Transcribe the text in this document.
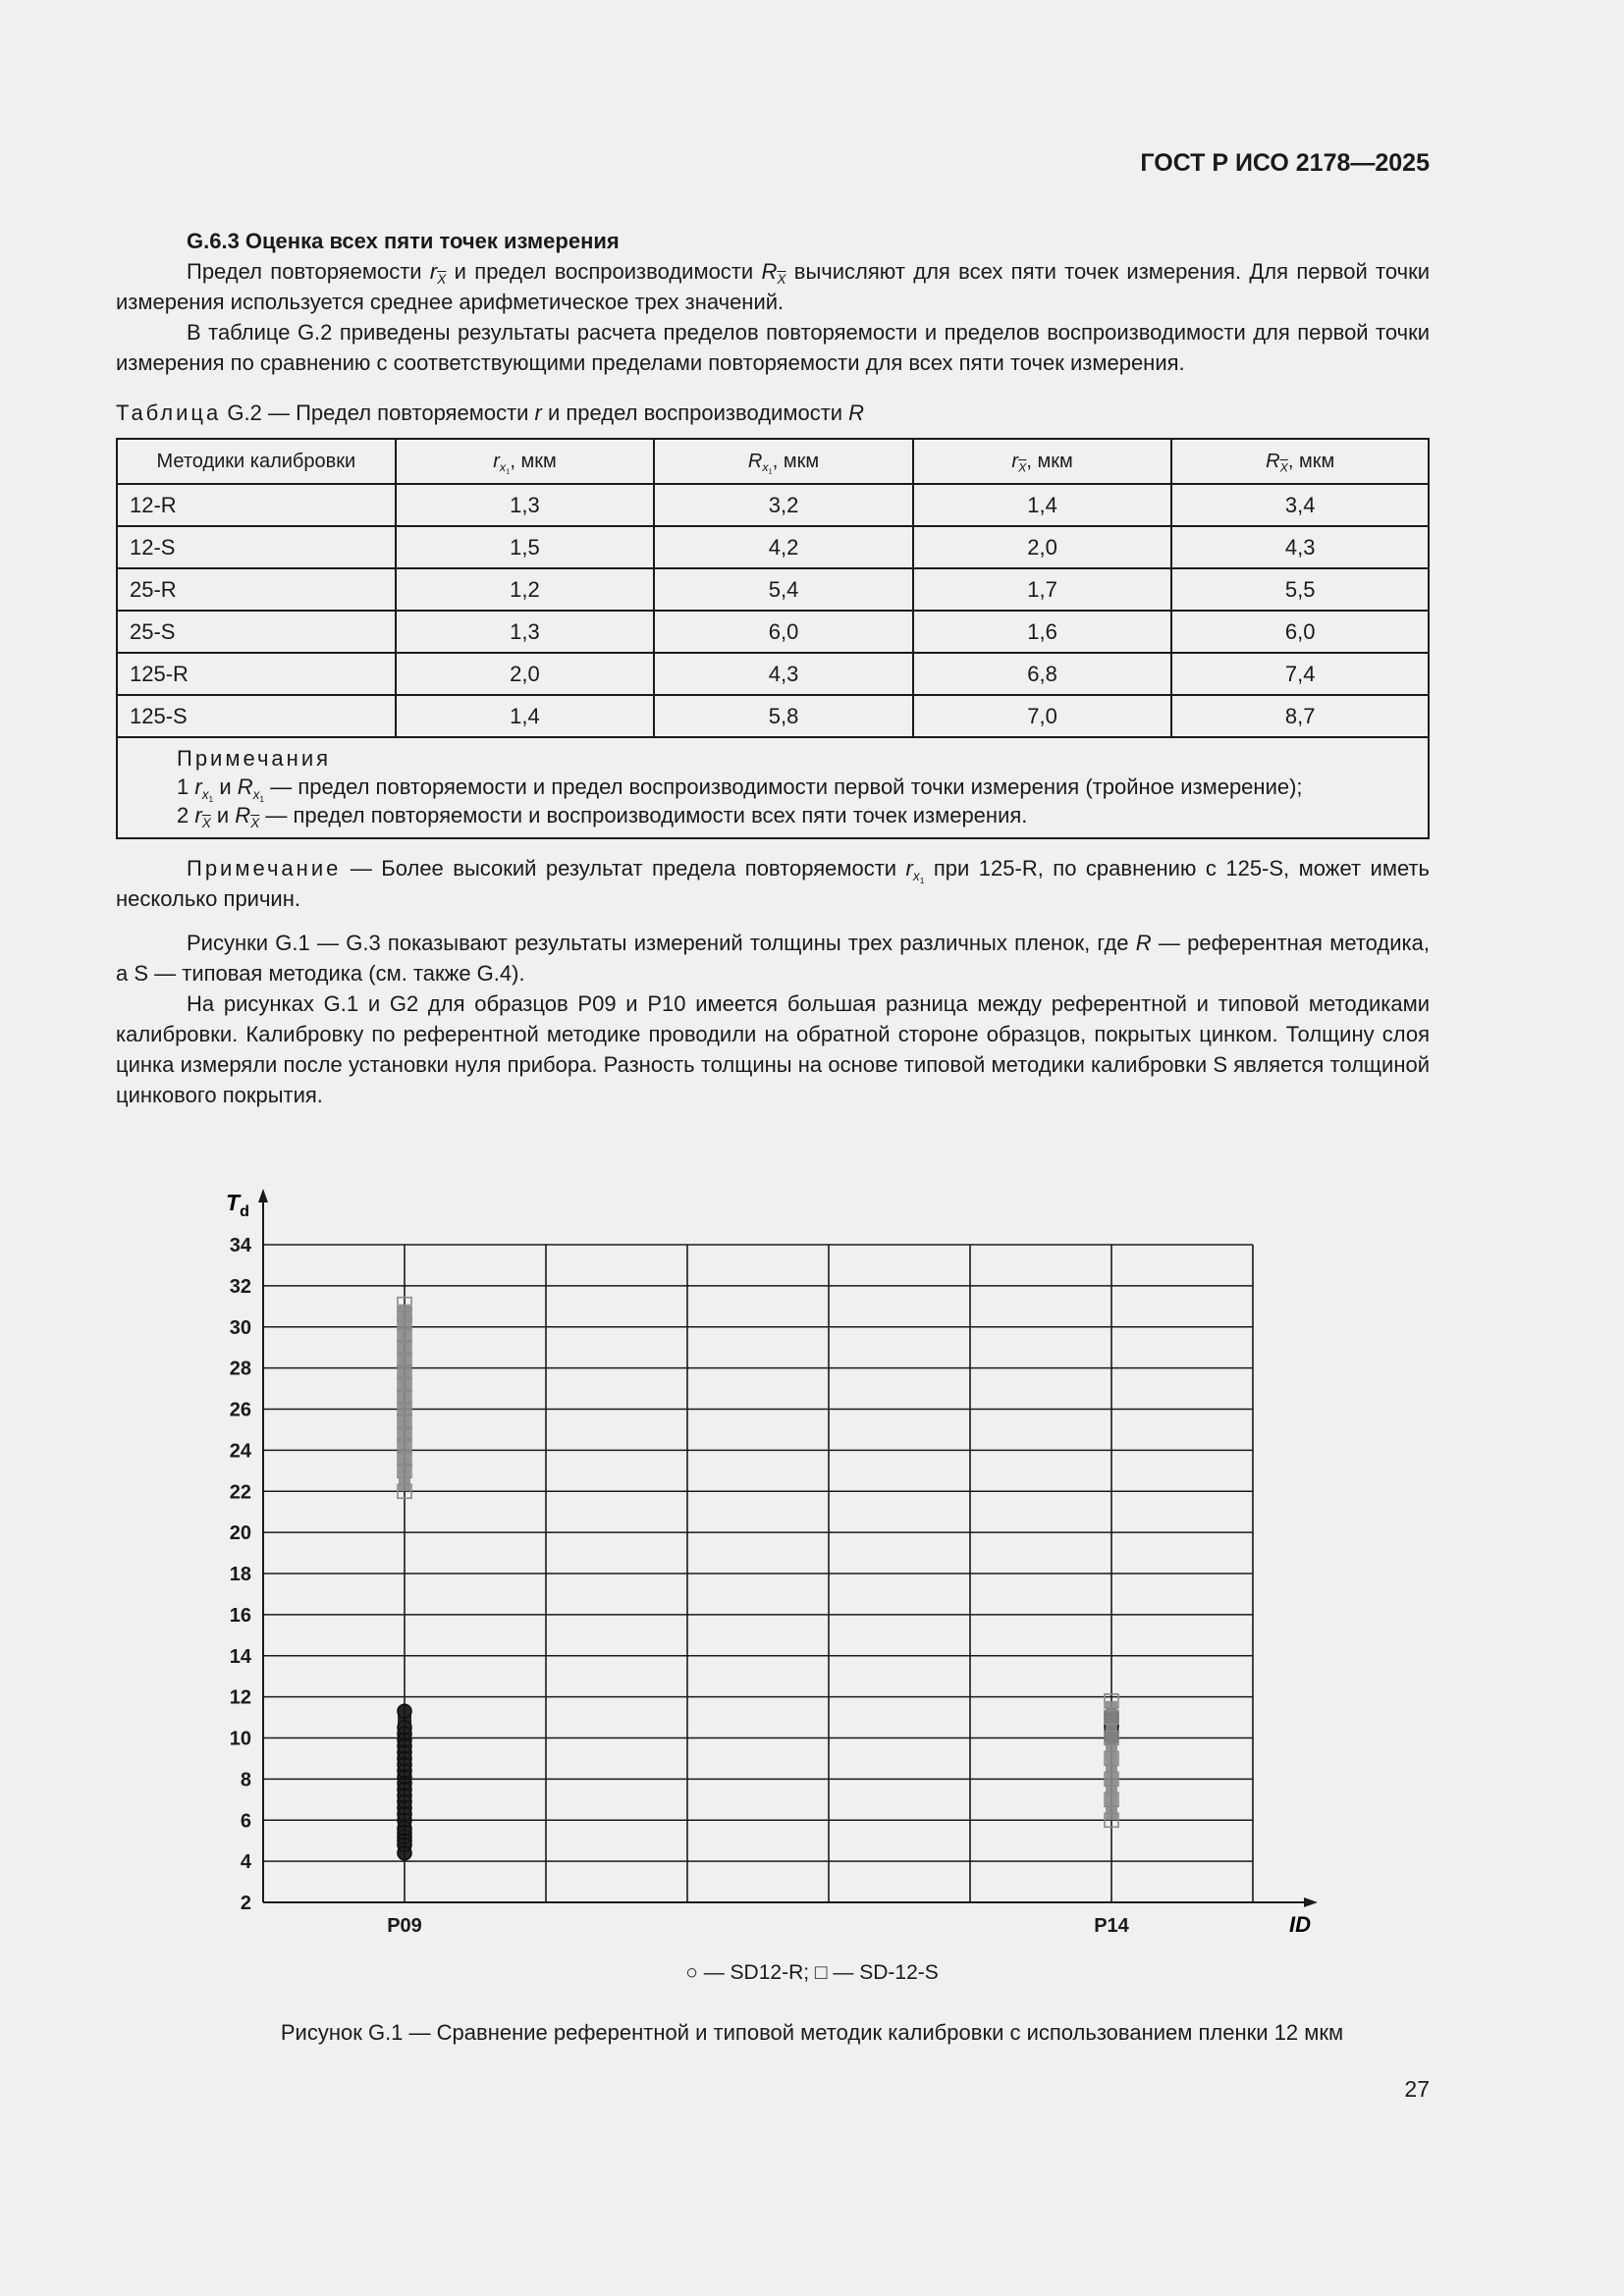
ГОСТ Р ИСО 2178—2025
G.6.3 Оценка всех пяти точек измерения

Предел повторяемости $r_{\overline{X}}$ и предел воспроизводимости $R_{\overline{X}}$ вычисляют для всех пяти точек измерения. Для первой точки измерения используется среднее арифметическое трех значений.

В таблице G.2 приведены результаты расчета пределов повторяемости и пределов воспроизводимости для первой точки измерения по сравнению с соответствующими пределами повторяемости для всех пяти точек измерения.

Таблица G.2 — Предел повторяемости r и предел воспроизводимости R
Методики калибровки	$r_{x_1}$, мкм	$R_{x_1}$, мкм	$r_{\overline{X}}$, мкм	$R_{\overline{X}}$, мкм
12-R	1,3	3,2	1,4	3,4
12-S	1,5	4,2	2,0	4,3
25-R	1,2	5,4	1,7	5,5
25-S	1,3	6,0	1,6	6,0
125-R	2,0	4,3	6,8	7,4
125-S	1,4	5,8	7,0	8,7

Примечания
1 $r_{x_1}$ и $R_{x_1}$ — предел повторяемости и предел воспроизводимости первой точки измерения (тройное измерение);
2 $r_{\overline{X}}$ и $R_{\overline{X}}$ — предел повторяемости и воспроизводимости всех пяти точек измерения.				

Примечание — Более высокий результат предела повторяемости $r_{x_1}$ при 125-R, по сравнению с 125-S, может иметь несколько причин.

Рисунки G.1 — G.3 показывают результаты измерений толщины трех различных пленок, где R — референтная методика, а S — типовая методика (см. также G.4).

На рисунках G.1 и G2 для образцов P09 и P10 имеется большая разница между референтной и типовой методиками калибровки. Калибровку по референтной методике проводили на обратной стороне образцов, покрытых цинком. Толщину слоя цинка измеряли после установки нуля прибора. Разность толщины на основе типовой методики калибровки S является толщиной цинкового покрытия.

2
4
6
8
10
12
14
16
18
20
22
24
26
28
30
32
34
$T_d$
ID
P09	P14
○ — SD12-R; □ — SD-12-S
Рисунок G.1 — Сравнение референтной и типовой методик калибровки с использованием пленки 12 мкм
27
